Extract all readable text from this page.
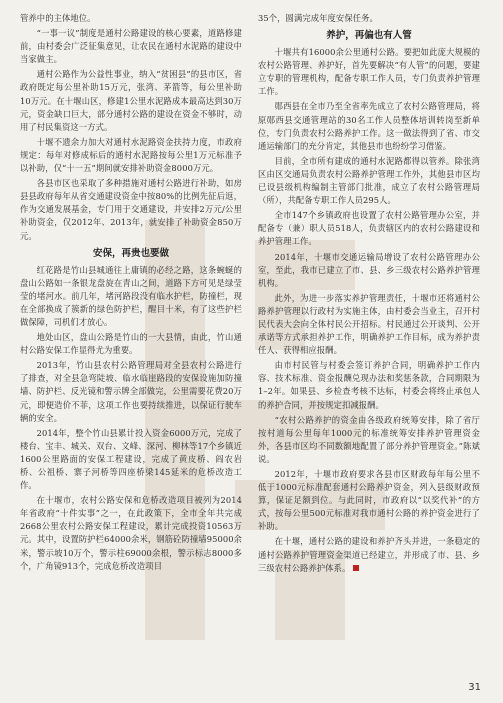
管养中的主体地位。

“一事一议”制度是通村公路建设的核心要素，道路修建前，由村委会广泛征集意见，让农民在通村水泥路的建设中当家做主。

通村公路作为公益性事业，纳入“贫困县”的县市区，省政府既定每公里补助15万元，张湾、茅箭等，每公里补助10万元。在十堰山区，修建1公里水泥路成本最高达到30万元，资金缺口巨大，部分通村公路的建设在资金不够时，动用了村民集资这一方式。

十堰不遗余力加大对通村水泥路资金扶持力度，市政府规定：每年对修成标后的通村水泥路按每公里1万元标准予以补助，仅“十一五”期间就安排补助资金8000万元。

各县市区也采取了多种措施对通村公路进行补助，如房县县政府每年从省交通建设资金中按80%的比例先征后返，作为交通发展基金，专门用于交通建设，并安排2万元/公里补助资金，仅2012年、2013年，就安排了补助资金850万元。

安保，再贵也要做

红花路是竹山县城通往上庸镇的必经之路，这条蜿蜒的盘山公路如一条银龙盘旋在青山之间，道路下方可见是绿莹莹的堵河水。前几年，堵河路段没有临水护栏，防撞栏，现在全部换成了簇新的绿色防护栏，醒目十米，有了这些护栏做保障，司机们才放心。

地处山区，盘山公路是竹山的一大县情，由此，竹山通村公路安保工作显得尤为重要。

2013年，竹山县农村公路管理局对全县农村公路进行了排查，对全县急弯陡坡、临水临崖路段的安保设施加防撞墙、防护栏、反光镜和警示牌全部做完，公里需要花费20万元，即便造价不菲，这项工作也要持续推进，以保证行驶车辆的安全。

2014年，整个竹山县累计投入资金6000万元，完成了楼台、宝丰、城关、双台、文峰、深河、柳林等17个乡镇近1600公里路面的安保工程建设，完成了黄皮桥、阎农岩桥、公祖桥、寨子河桥等四座桥梁145延米的危桥改造工作。

在十堰市，农村公路安保和危桥改造项目被列为2014年省政府“十件实事”之一，在此政策下，全市全年共完成2668公里农村公路安保工程建设，累计完成投资10563万元。其中，设置防护栏64000余米，钢筋砼防撞墙95000余米，警示坡10万个，警示柱69000余根，警示标志8000多个，广角镜913个，完成危桥改造项目

35个，圆满完成年度安保任务。

养护，再偏也有人管

十堰共有16000余公里通村公路。要把如此庞大规模的农村公路管理、养护好，首先要解决“有人管”的问题，要建立专职的管理机构，配备专职工作人员，专门负责养护管理工作。

郧西县在全市乃至全省率先成立了农村公路管理局，将原郧西县交通管理站的30名工作人员整体培训转岗至新单位，专门负责农村公路养护工作。这一做法得到了省、市交通运输部门的充分肯定，其他县市也纷纷学习借鉴。

目前，全市所有建成的通村水泥路都得以管养。除张湾区由区交通局负责农村公路养护管理工作外，其他县市区均已设县级机构编制主管部门批准，成立了农村公路管理局（所），共配备专职工作人员295人。

全市147个乡镇政府也设置了农村公路管理办公室，并配备专（兼）职人员518人，负责辖区内的农村公路建设和养护管理工作。

2014年，十堰市交通运输局增设了农村公路管理办公室，至此，我市已建立了市、县、乡三级农村公路养护管理机构。

此外，为进一步落实养护管理责任，十堰市还将通村公路养护管理以行政村为实施主体，由村委会当业主，召开村民代表大会向全体村民公开招标。村民通过公开谈判、公开承诺等方式承担养护工作，明确养护工作目标，成为养护责任人、获得相应报酬。

由市村民管与村委会签订养护合同，明确养护工作内容、技术标准、资金报酬兑现办法和奖惩条款，合同期限为1–2年。如果县、乡检查考核不达标，村委会将终止承包人的养护合同，并按规定扣减报酬。

“农村公路养护的资金由各级政府统筹安排，除了省厅按村道每公里每年1000元的标准统筹安排养护管理资金外，各县市区均不同数额地配置了部分养护管理资金。”陈斌说。

2012年，十堰市政府要求各县市区财政每年每公里不低于1000元标准配套通村公路养护资金，列入县级财政预算，保证足额到位。与此同时，市政府以“以奖代补”的方式，按每公里500元标准对我市通村公路的养护资金进行了补助。

在十堰，通村公路的建设和养护齐头并进，一条稳定的通村公路养护管理资金渠道已经建立，并形成了市、县、乡三级农村公路养护体系。

31
